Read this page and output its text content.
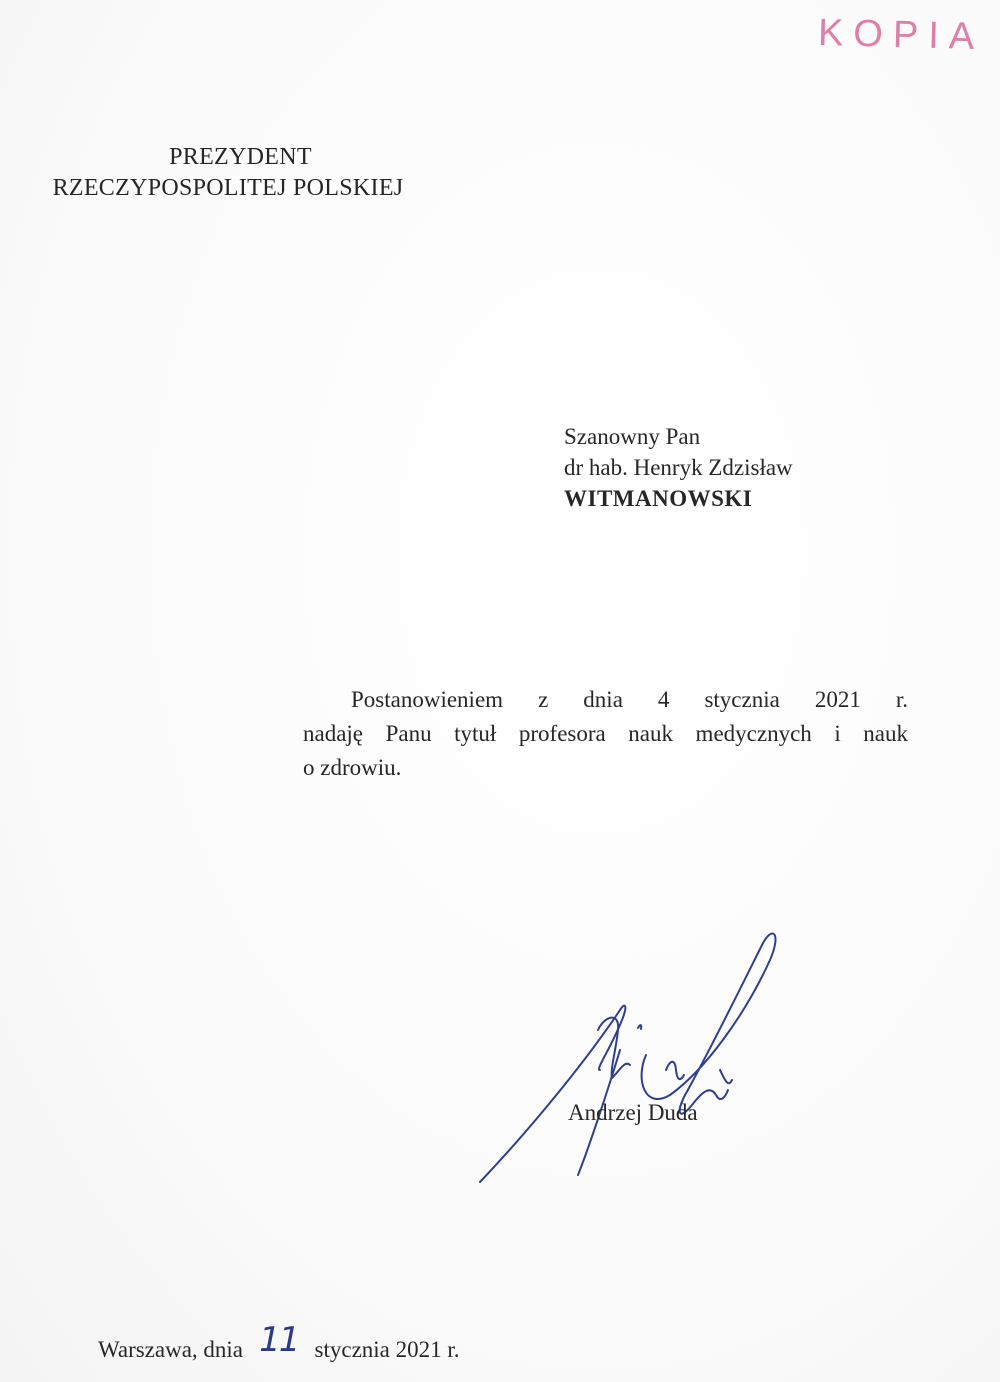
KOPIA
PREZYDENT
RZECZYPOSPOLITEJ POLSKIEJ
Szanowny Pan
dr hab. Henryk Zdzisław
WITMANOWSKI
Postanowieniem z dnia 4 stycznia 2021 r.
nadaję Panu tytuł profesora nauk medycznych i nauk
o zdrowiu.
Andrzej Duda
Warszawa, dnia 11 stycznia 2021 r.
